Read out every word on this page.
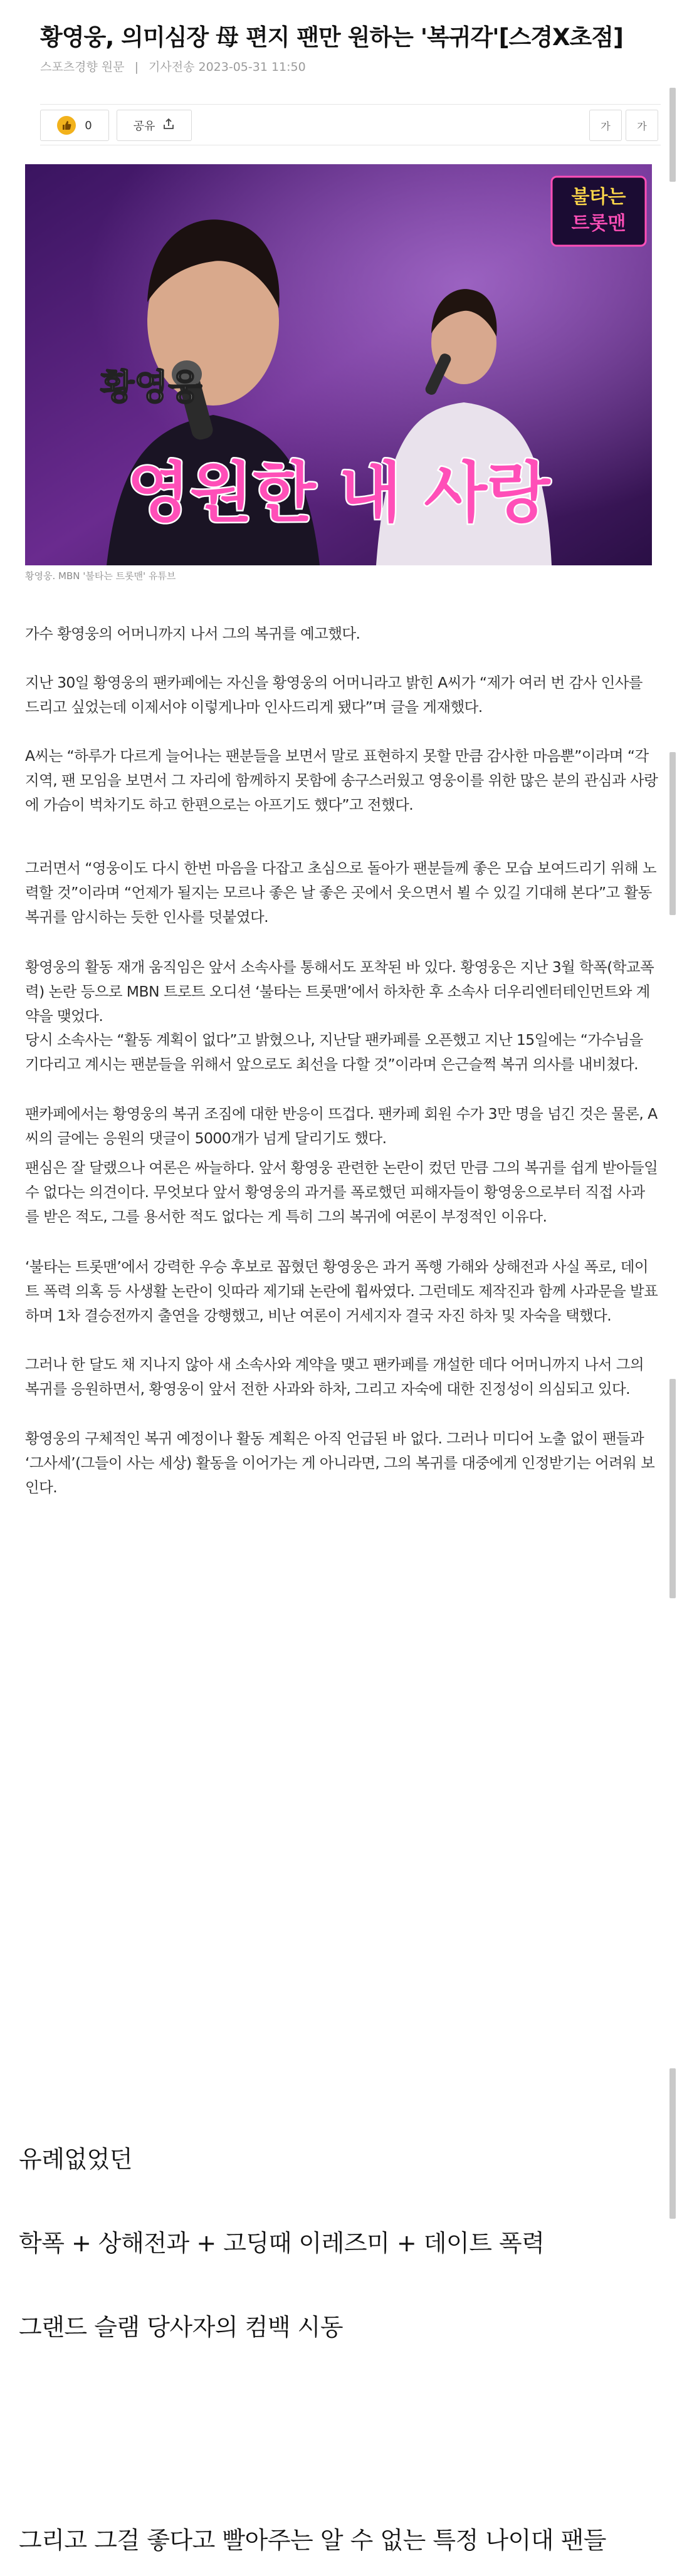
황영웅, 의미심장 母 편지 팬만 원하는 '복귀각'[스경X초점]
스포츠경향 원문 | 기사전송 2023-05-31 11:50
0	공유	가	가
불타는
트롯맨
황영웅
영원한 내 사랑
황영웅. MBN '불타는 트롯맨' 유튜브

가수 황영웅의 어머니까지 나서 그의 복귀를 예고했다.

지난 30일 황영웅의 팬카페에는 자신을 황영웅의 어머니라고 밝힌 A씨가 “제가 여러 번 감사 인사를 드리고 싶었는데 이제서야 이렇게나마 인사드리게 됐다”며 글을 게재했다.

A씨는 “하루가 다르게 늘어나는 팬분들을 보면서 말로 표현하지 못할 만큼 감사한 마음뿐”이라며 “각 지역, 팬 모임을 보면서 그 자리에 함께하지 못함에 송구스러웠고 영웅이를 위한 많은 분의 관심과 사랑에 가슴이 벅차기도 하고 한편으로는 아프기도 했다”고 전했다.

그러면서 “영웅이도 다시 한번 마음을 다잡고 초심으로 돌아가 팬분들께 좋은 모습 보여드리기 위해 노력할 것”이라며 “언제가 될지는 모르나 좋은 날 좋은 곳에서 웃으면서 뵐 수 있길 기대해 본다”고 활동 복귀를 암시하는 듯한 인사를 덧붙였다.

황영웅의 활동 재개 움직임은 앞서 소속사를 통해서도 포착된 바 있다. 황영웅은 지난 3월 학폭(학교폭력) 논란 등으로 MBN 트로트 오디션 ‘불타는 트롯맨’에서 하차한 후 소속사 더우리엔터테인먼트와 계약을 맺었다.

당시 소속사는 “활동 계획이 없다”고 밝혔으나, 지난달 팬카페를 오픈했고 지난 15일에는 “가수님을 기다리고 계시는 팬분들을 위해서 앞으로도 최선을 다할 것”이라며 은근슬쩍 복귀 의사를 내비쳤다.

팬카페에서는 황영웅의 복귀 조짐에 대한 반응이 뜨겁다. 팬카페 회원 수가 3만 명을 넘긴 것은 물론, A씨의 글에는 응원의 댓글이 5000개가 넘게 달리기도 했다.

팬심은 잘 달랬으나 여론은 싸늘하다. 앞서 황영웅 관련한 논란이 컸던 만큼 그의 복귀를 쉽게 받아들일 수 없다는 의견이다. 무엇보다 앞서 황영웅의 과거를 폭로했던 피해자들이 황영웅으로부터 직접 사과를 받은 적도, 그를 용서한 적도 없다는 게 특히 그의 복귀에 여론이 부정적인 이유다.

‘불타는 트롯맨’에서 강력한 우승 후보로 꼽혔던 황영웅은 과거 폭행 가해와 상해전과 사실 폭로, 데이트 폭력 의혹 등 사생활 논란이 잇따라 제기돼 논란에 휩싸였다. 그런데도 제작진과 함께 사과문을 발표하며 1차 결승전까지 출연을 강행했고, 비난 여론이 거세지자 결국 자진 하차 및 자숙을 택했다.

그러나 한 달도 채 지나지 않아 새 소속사와 계약을 맺고 팬카페를 개설한 데다 어머니까지 나서 그의 복귀를 응원하면서, 황영웅이 앞서 전한 사과와 하차, 그리고 자숙에 대한 진정성이 의심되고 있다.

황영웅의 구체적인 복귀 예정이나 활동 계획은 아직 언급된 바 없다. 그러나 미디어 노출 없이 팬들과 ‘그사세’(그들이 사는 세상) 활동을 이어가는 게 아니라면, 그의 복귀를 대중에게 인정받기는 어려워 보인다.

유례없었던
학폭 + 상해전과 + 고딩때 이레즈미 + 데이트 폭력
그랜드 슬램 당사자의 컴백 시동
그리고 그걸 좋다고 빨아주는 알 수 없는 특정 나이대 팬들
